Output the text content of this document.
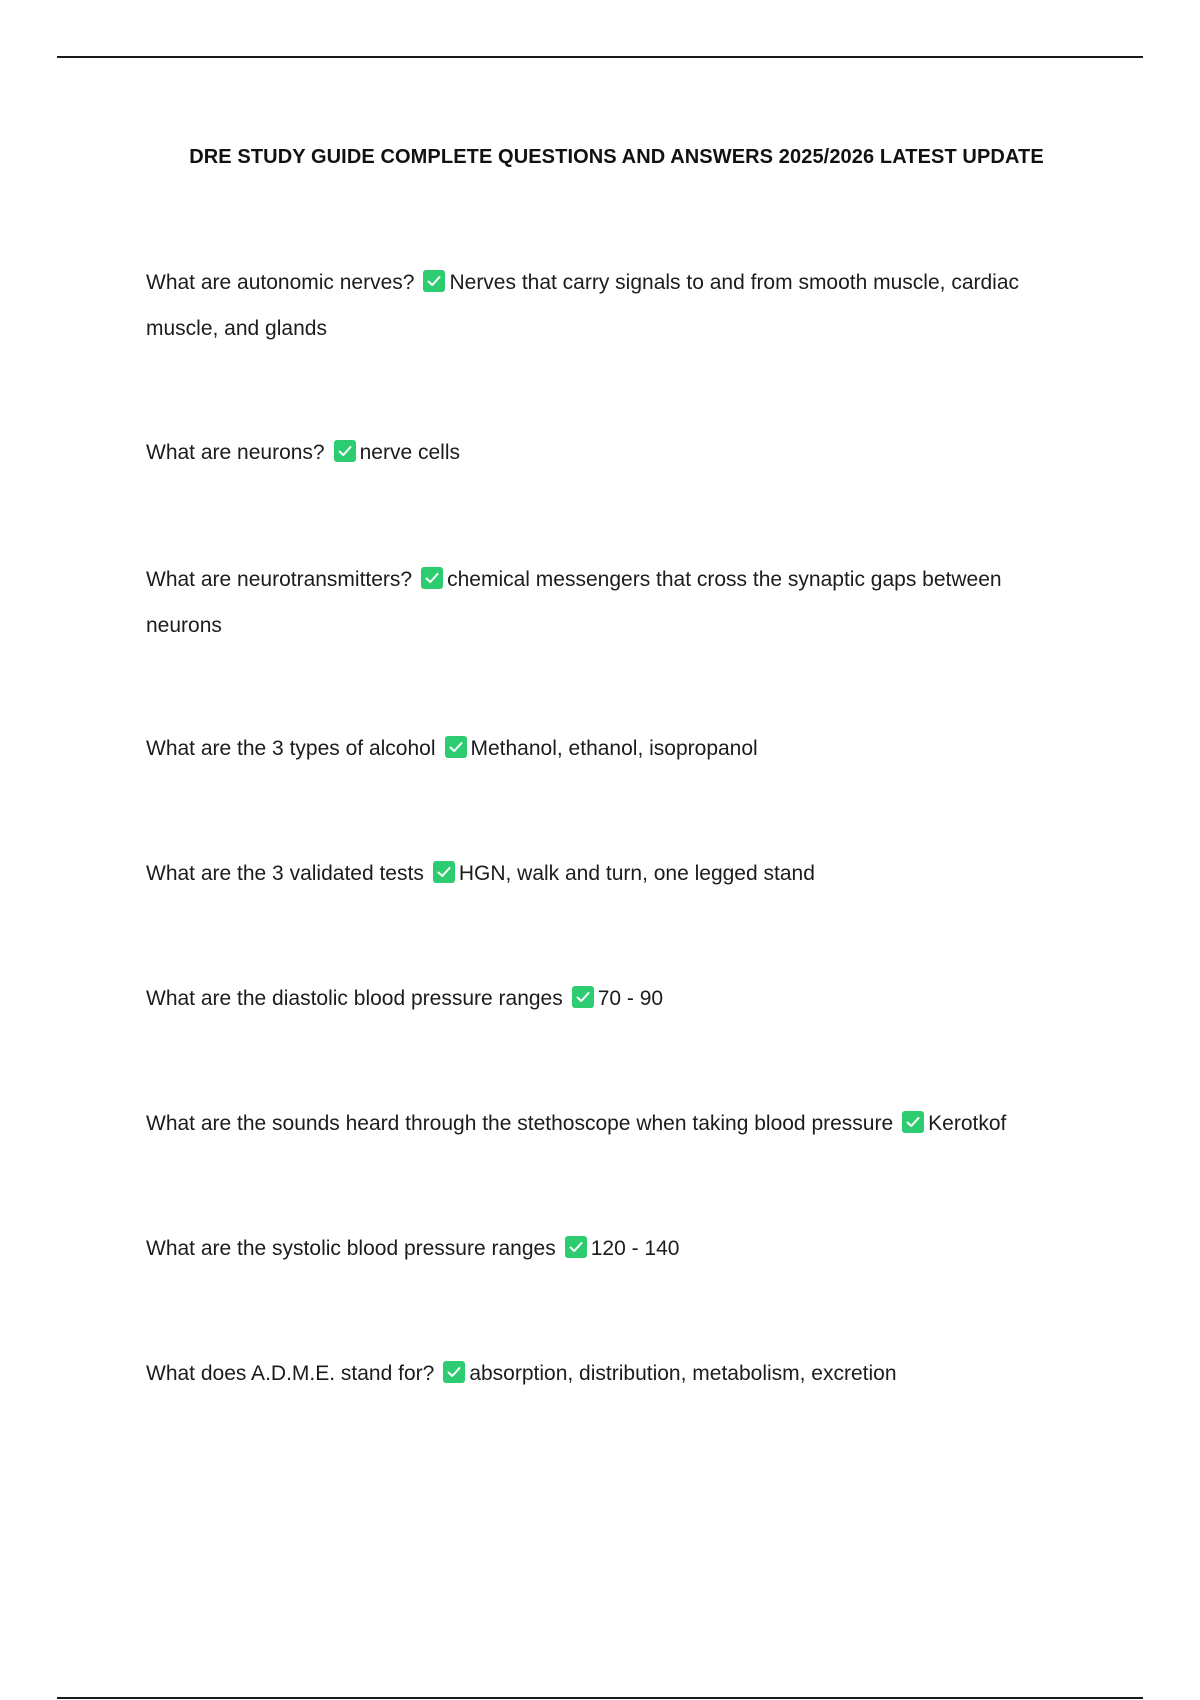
DRE STUDY GUIDE COMPLETE QUESTIONS AND ANSWERS 2025/2026 LATEST UPDATE
What are autonomic nerves? Nerves that carry signals to and from smooth muscle, cardiac muscle, and glands
What are neurons? nerve cells
What are neurotransmitters? chemical messengers that cross the synaptic gaps between neurons
What are the 3 types of alcohol Methanol, ethanol, isopropanol
What are the 3 validated tests HGN, walk and turn, one legged stand
What are the diastolic blood pressure ranges 70 - 90
What are the sounds heard through the stethoscope when taking blood pressure Kerotkof
What are the systolic blood pressure ranges 120 - 140
What does A.D.M.E. stand for? absorption, distribution, metabolism, excretion
